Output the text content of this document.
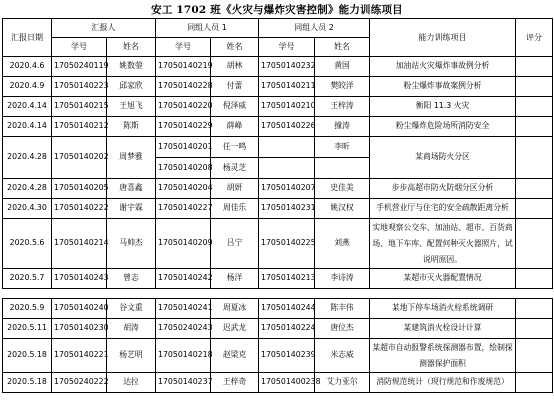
安工 1702 班《火灾与爆炸灾害控制》能力训练项目
汇报日期	汇报人		同组人员 1		同组人员 2		能力训练项目	评分
	学号	姓名	学号	姓名	学号	姓名		
2020.4.6	17050240119	姚数蓥	17050140219	胡林	17050140232	黄国	加油站火灾爆炸事故例分析	
2020.4.9	17050140223	邱家欣	17050140228	付蕾	17050140211	樊皎洋	粉尘爆炸事故案例分析	
2020.4.14	17050140215	王旭飞	17050140220	倪泽威	17050140210	王梓涛	衡阳 11.3 火灾	
2020.4.14	17050140212	陈斯	17050140229	薛峰	17050140226	撞涛	粉尘爆炸危险场所消防安全	
2020.4.28	17050140202	周梦雅	17050140201	任一鸣		李昕	某商场防火分区	
			17050140208	杨灵芝				
2020.4.28	17050140205	唐喜鑫	17050140204	胡妍	17050140207	史佳美	步步高超市防火防烟分区分析	
2020.4.30	17050140222	谢宇霖	17050140227	周佳乐	17050140231	姚汉权	手机营业厅与住宅的安全疏散距离分析	
2020.5.6	17050140214	马帅杰	17050140209	吕宁	17050140225	刘燕	实地观察公交车、加油站、超市、百货商场、地下车库、配置何种灭火器照片，试说明原因。	
2020.5.7	17050140243	曾志	17050140242	杨洋	17050140213	李诗涛	某超市灭火器配置情况	

2020.5.9	17050140240	谷文重	17050140241	周夏冰	17050140244	陈丰伟	某地下停车场消火栓系统调研	
2020.5.11	17050140230	胡涛	17050240243	迟武龙	17050140224	唐位杰	某建筑消火栓设计计算	
2020.5.18	17050140221	杨艺明	17050140218	赵梁克	17050140239	米志威	某超市自动报警系统探测器布置，绘制探测器保护面积	
2020.5.18	17050240222	达拉	17050140237	王梓奇	170501400238	艾力亚尔	消防规范统计（现行规范和作废规范）	
